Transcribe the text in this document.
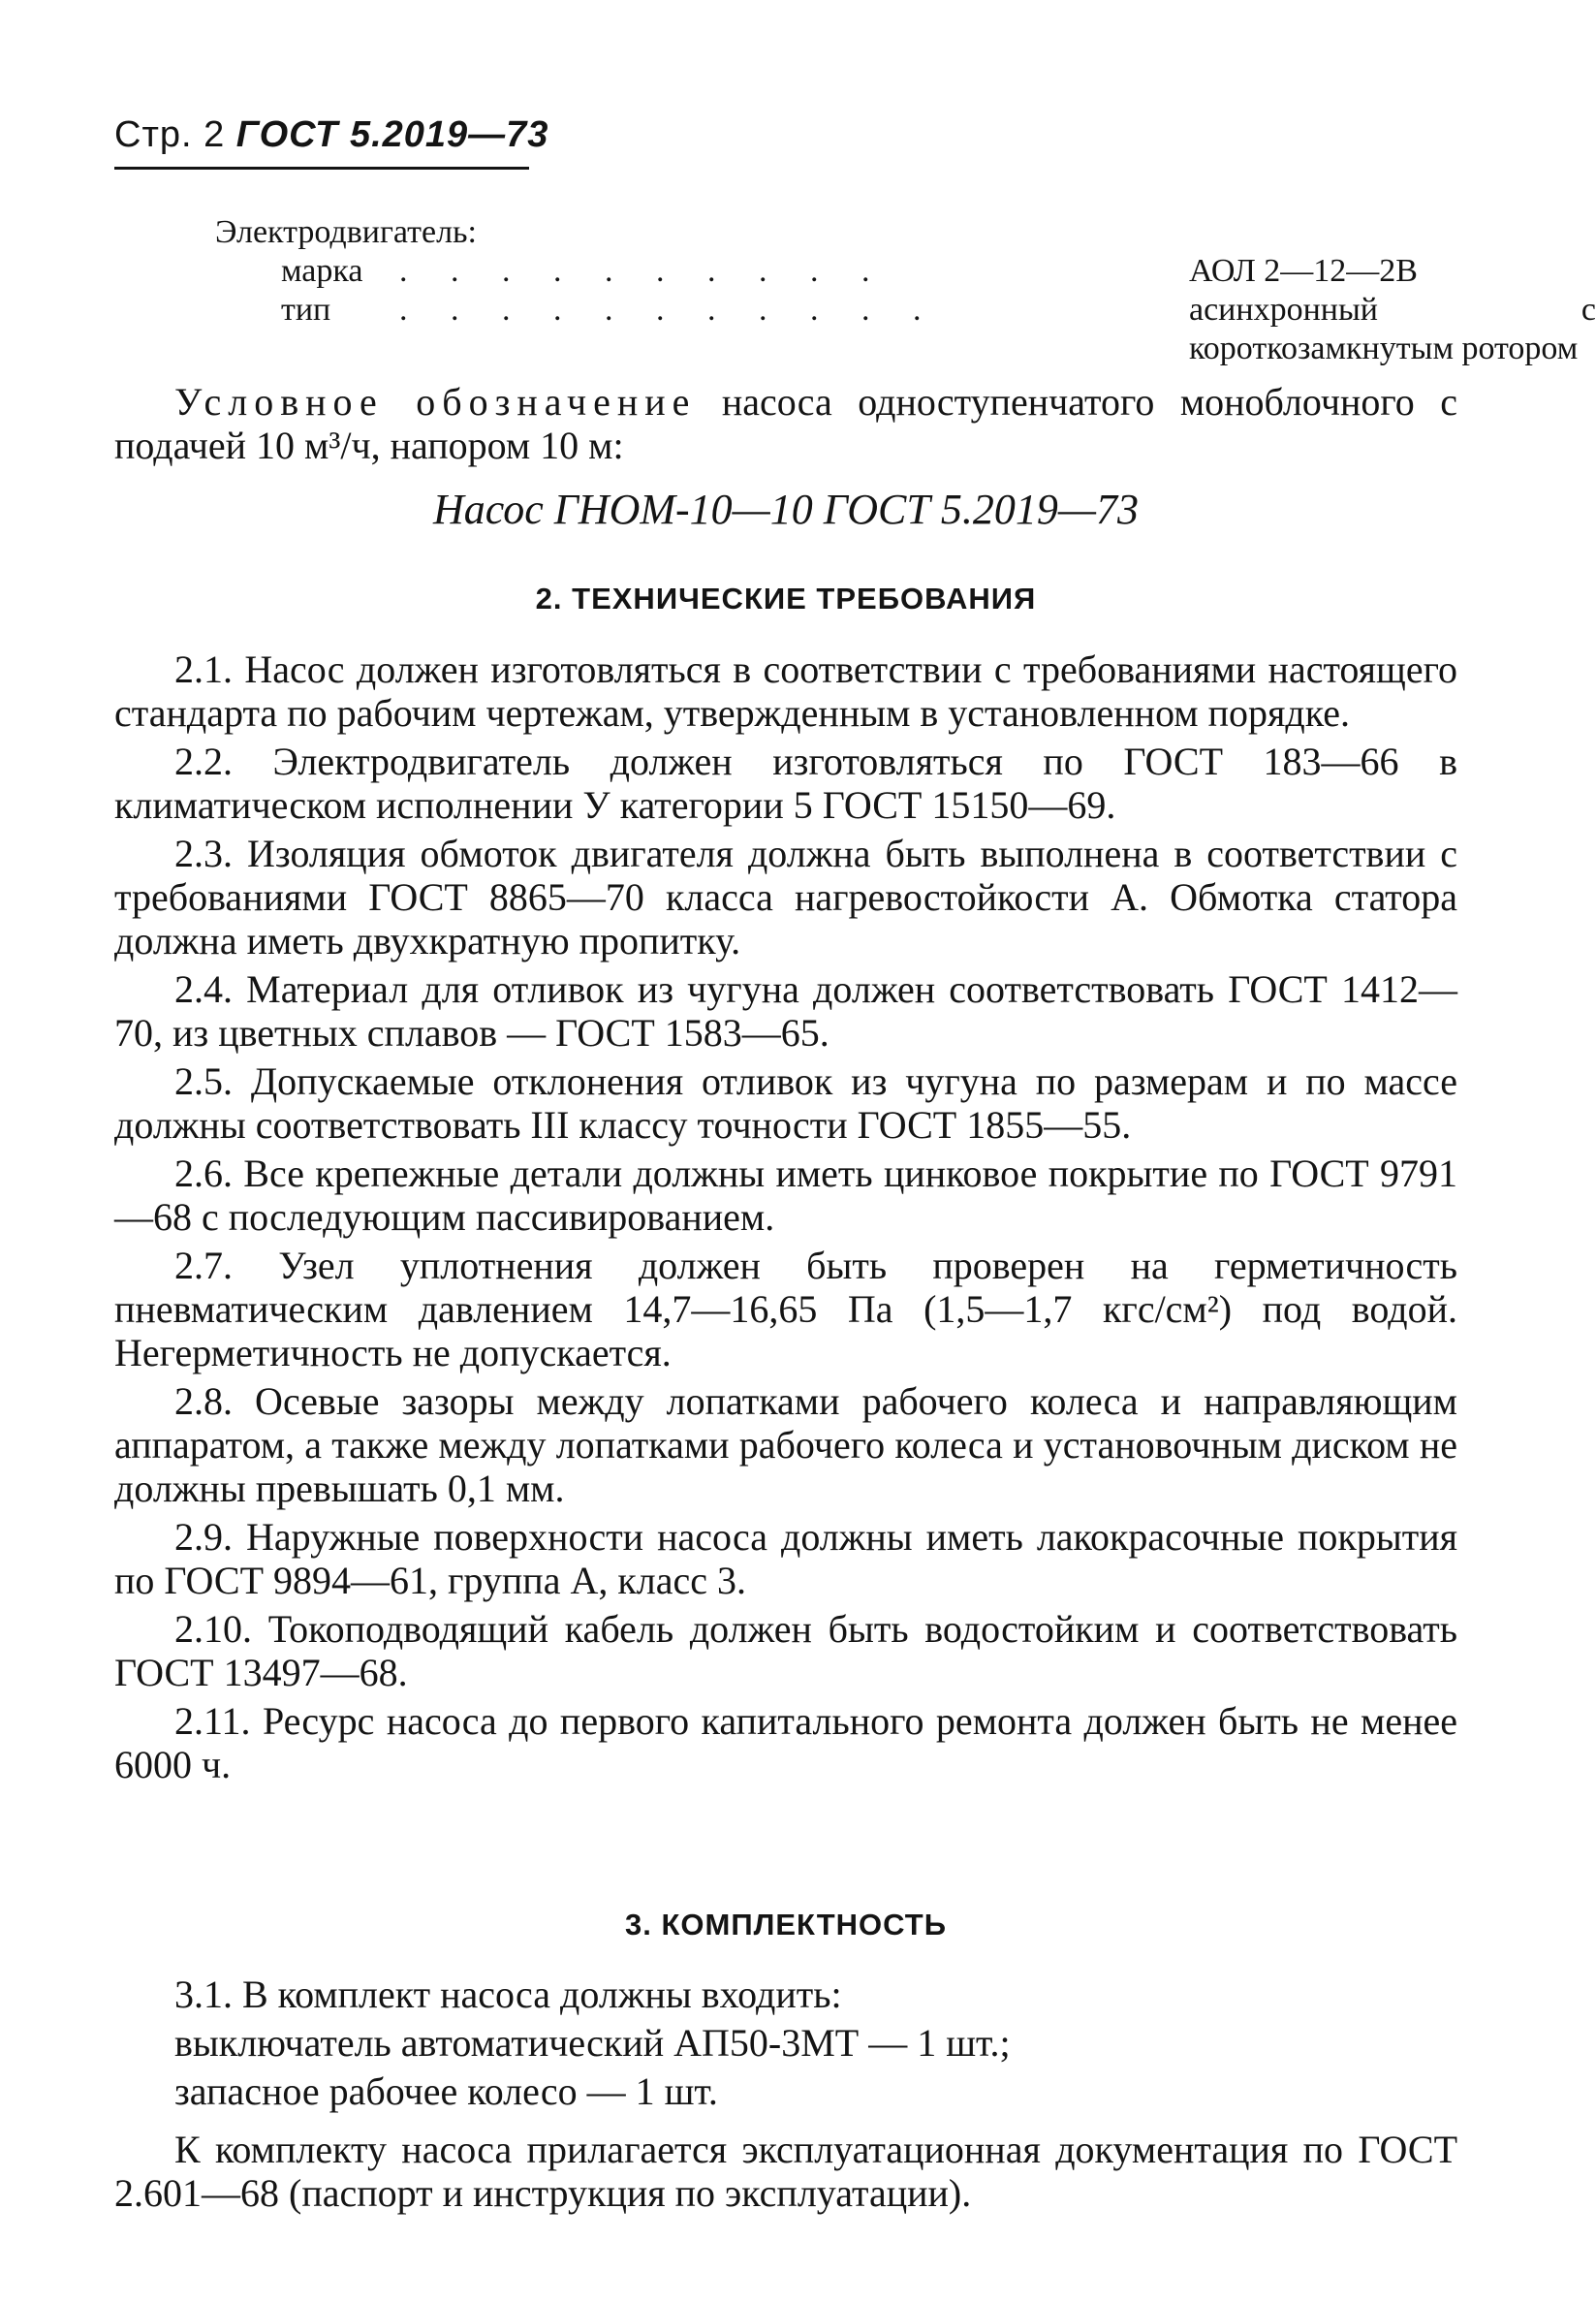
Стр. 2 ГОСТ 5.2019—73
Электродвигатель:
марка . . . . . . . . . .	АОЛ 2—12—2В
тип . . . . . . . . . . .	асинхронный с короткозамкнутым ротором

Условное обозначение насоса одноступенчатого моноблочного с подачей 10 м³/ч, напором 10 м:

Насос ГНОМ-10—10 ГОСТ 5.2019—73
2. ТЕХНИЧЕСКИЕ ТРЕБОВАНИЯ

2.1. Насос должен изготовляться в соответствии с требованиями настоящего стандарта по рабочим чертежам, утвержденным в установленном порядке.

2.2. Электродвигатель должен изготовляться по ГОСТ 183—66 в климатическом исполнении У категории 5 ГОСТ 15150—69.

2.3. Изоляция обмоток двигателя должна быть выполнена в соответствии с требованиями ГОСТ 8865—70 класса нагревостойкости А. Обмотка статора должна иметь двухкратную пропитку.

2.4. Материал для отливок из чугуна должен соответствовать ГОСТ 1412—70, из цветных сплавов — ГОСТ 1583—65.

2.5. Допускаемые отклонения отливок из чугуна по размерам и по массе должны соответствовать III классу точности ГОСТ 1855—55.

2.6. Все крепежные детали должны иметь цинковое покрытие по ГОСТ 9791—68 с последующим пассивированием.

2.7. Узел уплотнения должен быть проверен на герметичность пневматическим давлением 14,7—16,65 Па (1,5—1,7 кгс/см²) под водой. Негерметичность не допускается.

2.8. Осевые зазоры между лопатками рабочего колеса и направляющим аппаратом, а также между лопатками рабочего колеса и установочным диском не должны превышать 0,1 мм.

2.9. Наружные поверхности насоса должны иметь лакокрасочные покрытия по ГОСТ 9894—61, группа А, класс 3.

2.10. Токоподводящий кабель должен быть водостойким и соответствовать ГОСТ 13497—68.

2.11. Ресурс насоса до первого капитального ремонта должен быть не менее 6000 ч.

3. КОМПЛЕКТНОСТЬ
3.1. В комплект насоса должны входить:
выключатель автоматический АП50-3МТ — 1 шт.;
запасное рабочее колесо — 1 шт.

К комплекту насоса прилагается эксплуатационная документация по ГОСТ 2.601—68 (паспорт и инструкция по эксплуатации).
